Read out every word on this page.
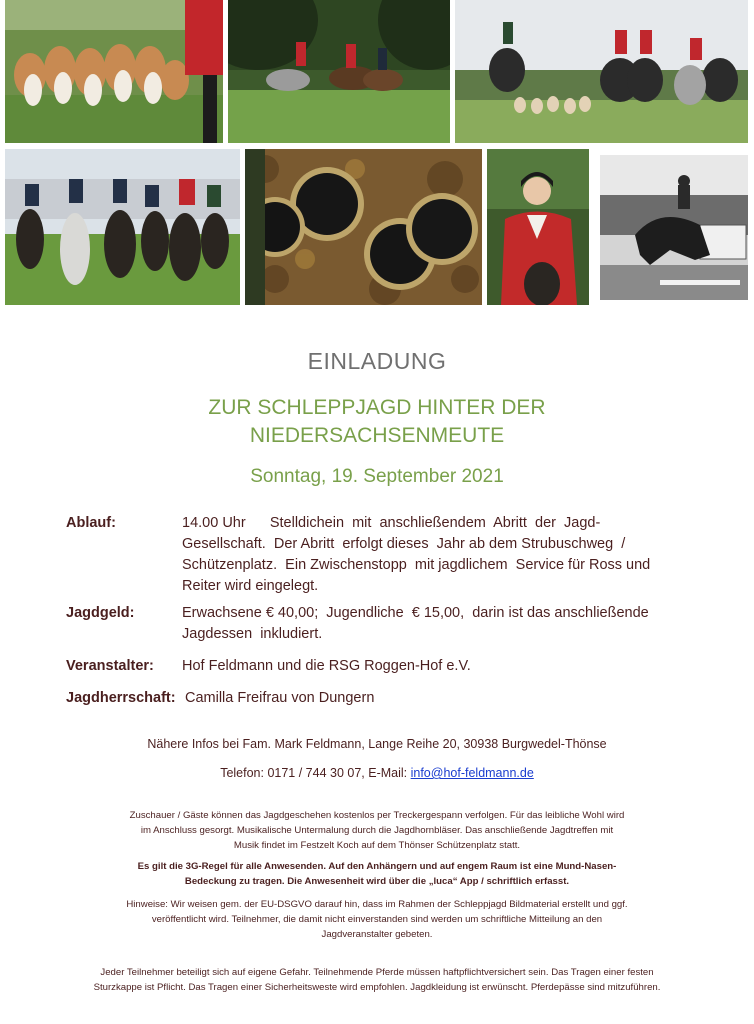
EINLADUNG
ZUR SCHLEPPJAGD HINTER DER
NIEDERSACHSENMEUTE
Sonntag, 19. September 2021
Ablauf:	14.00 Uhr      Stelldichein  mit  anschließendem  Abritt  der  Jagd-
Gesellschaft.  Der Abritt  erfolgt dieses  Jahr ab dem Strubuschweg  /
Schützenplatz.  Ein Zwischenstopp  mit jagdlichem  Service für Ross und
Reiter wird eingelegt.
Jagdgeld:	Erwachsene € 40,00;  Jugendliche  € 15,00,  darin ist das anschließende
Jagdessen  inkludiert.
Veranstalter: Hof Feldmann und die RSG Roggen-Hof e.V.
Jagdherrschaft: Camilla Freifrau von Dungern
Nähere Infos bei Fam. Mark Feldmann, Lange Reihe 20, 30938 Burgwedel-Thönse
Telefon: 0171 / 744 30 07, E-Mail: info@hof-feldmann.de
Zuschauer / Gäste können das Jagdgeschehen kostenlos per Treckergespann verfolgen. Für das leibliche Wohl wird
im Anschluss gesorgt. Musikalische Untermalung durch die Jagdhornbläser. Das anschließende Jagdtreffen mit
Musik findet im Festzelt Koch auf dem Thönser Schützenplatz statt.
Es gilt die 3G-Regel für alle Anwesenden. Auf den Anhängern und auf engem Raum ist eine Mund-Nasen-
Bedeckung zu tragen. Die Anwesenheit wird über die „luca“ App / schriftlich erfasst.
Hinweise: Wir weisen gem. der EU-DSGVO darauf hin, dass im Rahmen der Schleppjagd Bildmaterial erstellt und ggf.
veröffentlicht wird. Teilnehmer, die damit nicht einverstanden sind werden um schriftliche Mitteilung an den
Jagdveranstalter gebeten.
Jeder Teilnehmer beteiligt sich auf eigene Gefahr. Teilnehmende Pferde müssen haftpflichtversichert sein. Das Tragen einer festen
Sturzkappe ist Pflicht. Das Tragen einer Sicherheitsweste wird empfohlen. Jagdkleidung ist erwünscht. Pferdepässe sind mitzuführen.
